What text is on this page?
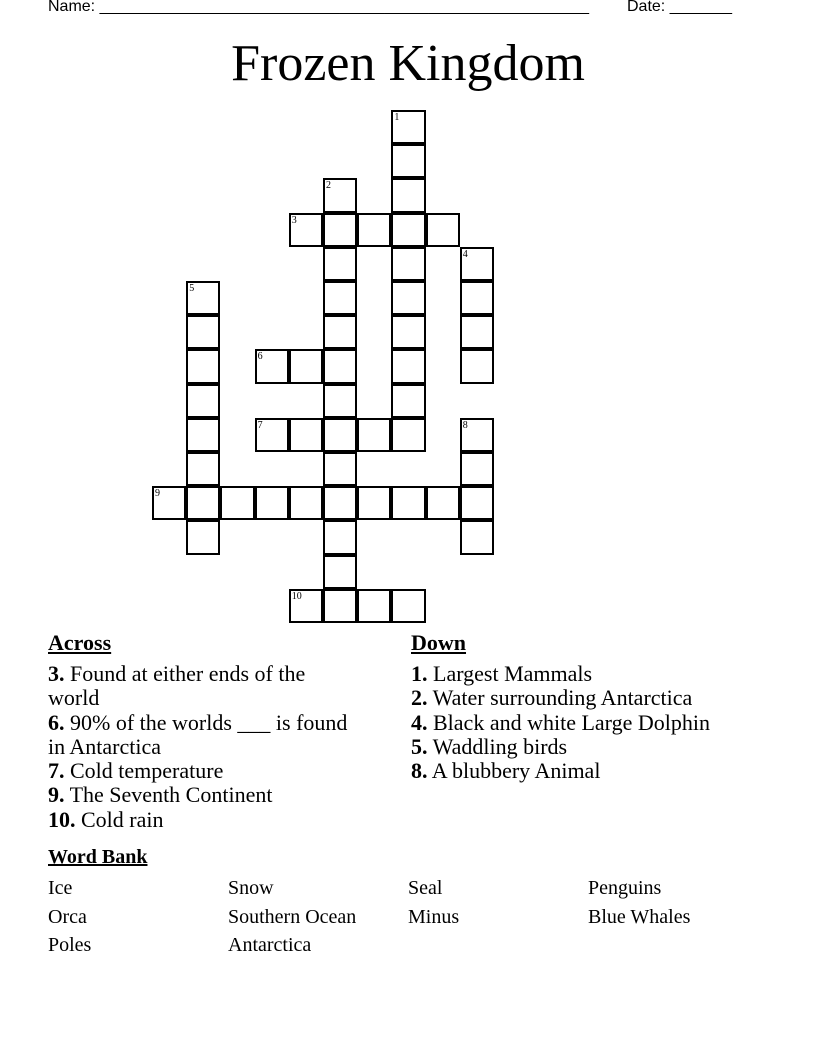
Name: _______________________________________________________ Date: _______
Frozen Kingdom
1
2
3
4
5
6
7	8
9
10
Across
3. Found at either ends of the world
6. 90% of the worlds ___ is found in Antarctica
7. Cold temperature
9. The Seventh Continent
10. Cold rain
Down
1. Largest Mammals
2. Water surrounding Antarctica
4. Black and white Large Dolphin
5. Waddling birds
8. A blubbery Animal
Word Bank
Ice	Snow	Seal	Penguins
Orca	Southern Ocean	Minus	Blue Whales
Poles	Antarctica
